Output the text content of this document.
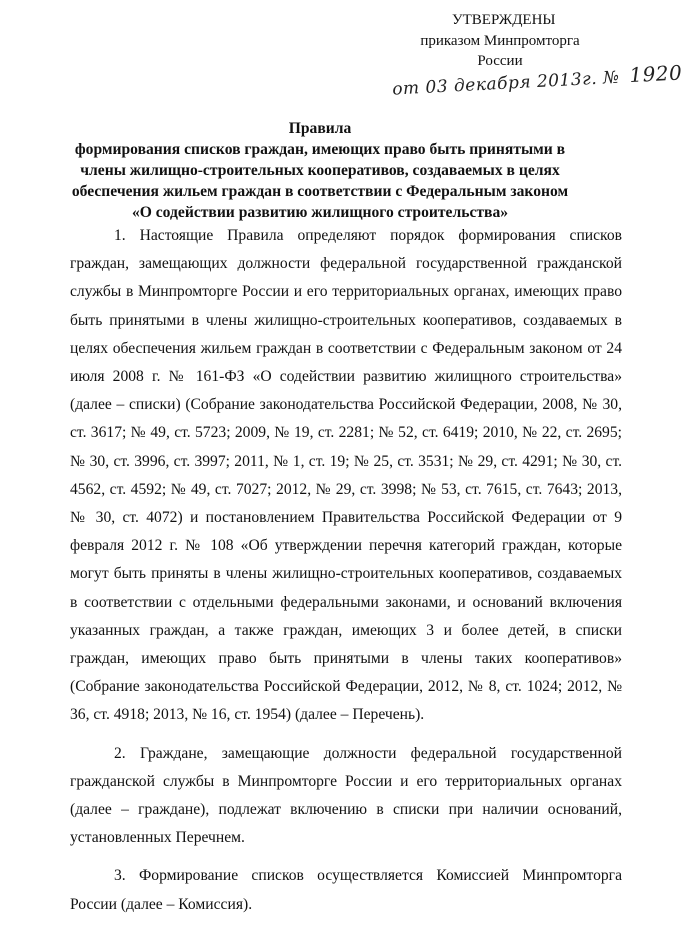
УТВЕРЖДЕНЫ
приказом Минпромторга России
от 03 декабря 2013г. № 1920
Правила
формирования списков граждан, имеющих право быть принятыми в члены жилищно-строительных кооперативов, создаваемых в целях обеспечения жильем граждан в соответствии с Федеральным законом «О содействии развитию жилищного строительства»

1. Настоящие Правила определяют порядок формирования списков граждан, замещающих должности федеральной государственной гражданской службы в Минпромторге России и его территориальных органах, имеющих право быть принятыми в члены жилищно-строительных кооперативов, создаваемых в целях обеспечения жильем граждан в соответствии с Федеральным законом от 24 июля 2008 г. № 161-ФЗ «О содействии развитию жилищного строительства» (далее – списки) (Собрание законодательства Российской Федерации, 2008, № 30, ст. 3617; № 49, ст. 5723; 2009, № 19, ст. 2281; № 52, ст. 6419; 2010, № 22, ст. 2695; № 30, ст. 3996, ст. 3997; 2011, № 1, ст. 19; № 25, ст. 3531; № 29, ст. 4291; № 30, ст. 4562, ст. 4592; № 49, ст. 7027; 2012, № 29, ст. 3998; № 53, ст. 7615, ст. 7643; 2013, № 30, ст. 4072) и постановлением Правительства Российской Федерации от 9 февраля 2012 г. № 108 «Об утверждении перечня категорий граждан, которые могут быть приняты в члены жилищно-строительных кооперативов, создаваемых в соответствии с отдельными федеральными законами, и оснований включения указанных граждан, а также граждан, имеющих 3 и более детей, в списки граждан, имеющих право быть принятыми в члены таких кооперативов» (Собрание законодательства Российской Федерации, 2012, № 8, ст. 1024; 2012, № 36, ст. 4918; 2013, № 16, ст. 1954) (далее – Перечень).

2. Граждане, замещающие должности федеральной государственной гражданской службы в Минпромторге России и его территориальных органах (далее – граждане), подлежат включению в списки при наличии оснований, установленных Перечнем.

3. Формирование списков осуществляется Комиссией Минпромторга России (далее – Комиссия).
